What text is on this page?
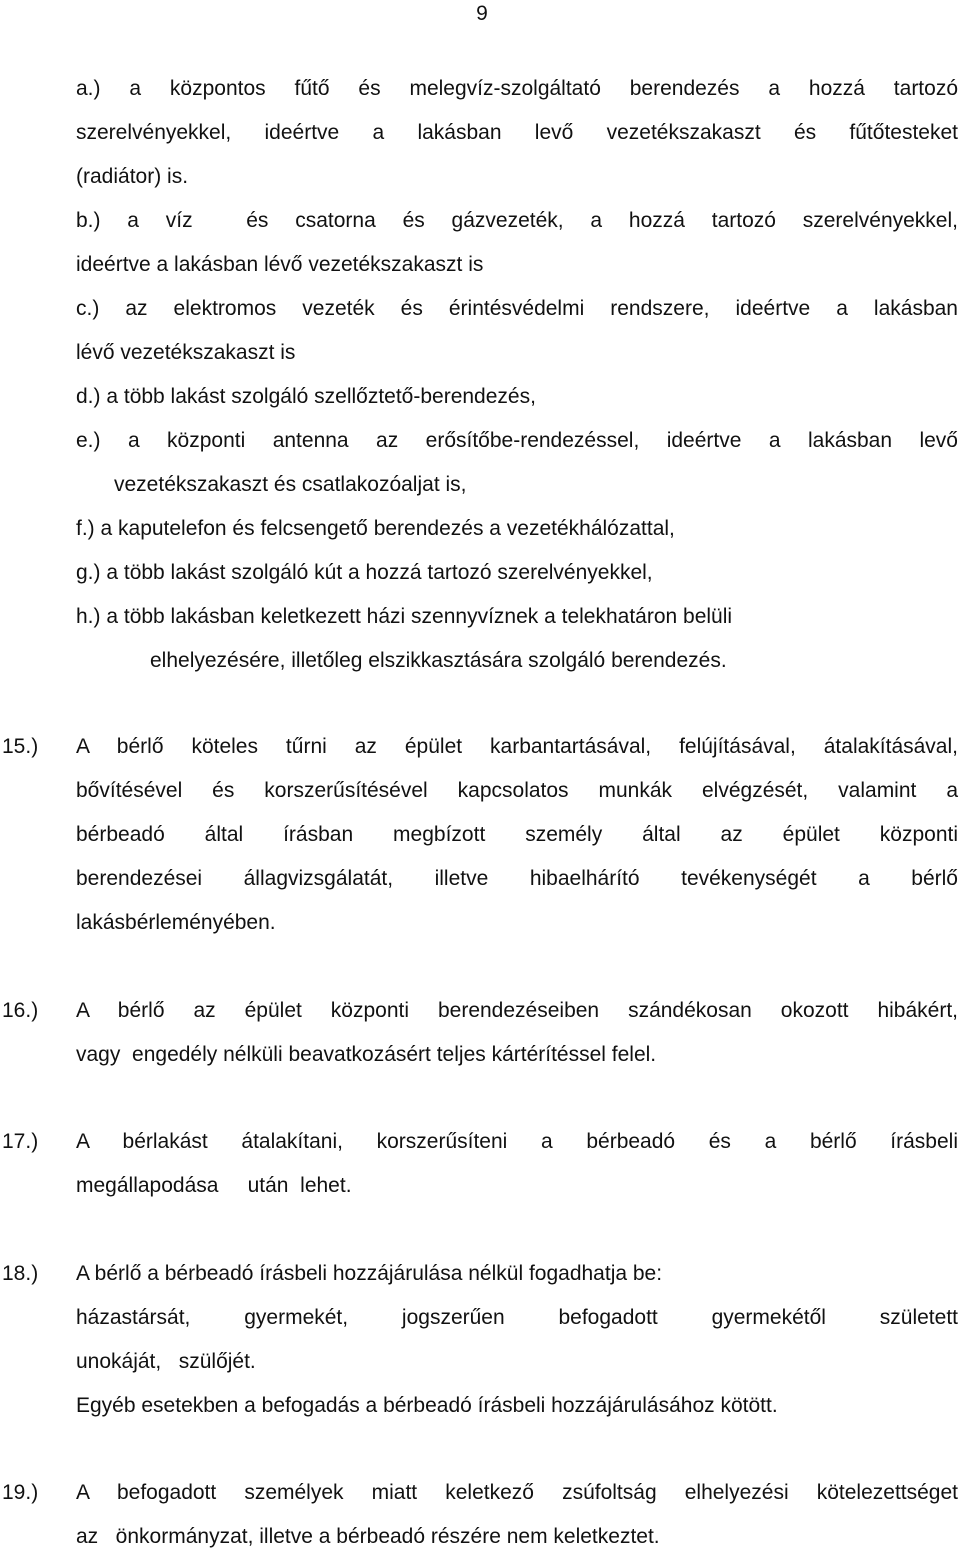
9
a.) a központos fűtő és melegvíz-szolgáltató berendezés a hozzá tartozó
szerelvényekkel, ideértve a lakásban levő vezetékszakaszt és fűtőtesteket
(radiátor) is.
b.) a víz  és csatorna és gázvezeték, a hozzá tartozó szerelvényekkel,
ideértve a lakásban lévő vezetékszakaszt is
c.) az elektromos vezeték és érintésvédelmi rendszere, ideértve a lakásban
lévő vezetékszakaszt is
d.) a több lakást szolgáló szellőztető-berendezés,
e.) a központi antenna az erősítőbe-rendezéssel, ideértve a lakásban levő
vezetékszakaszt és csatlakozóaljat is,
f.) a kaputelefon és felcsengető berendezés a vezetékhálózattal,
g.) a több lakást szolgáló kút a hozzá tartozó szerelvényekkel,
h.) a több lakásban keletkezett házi szennyvíznek a telekhatáron belüli
elhelyezésére, illetőleg elszikkasztására szolgáló berendezés.
15.) A bérlő köteles tűrni az épület karbantartásával, felújításával, átalakításával,
bővítésével és korszerűsítésével kapcsolatos munkák elvégzését, valamint a
bérbeadó által írásban megbízott személy által az épület központi
berendezései állagvizsgálatát, illetve hibaelhárító tevékenységét a bérlő
lakásbérleményében.
16.) A bérlő az épület központi berendezéseiben szándékosan okozott hibákért,
vagy  engedély nélküli beavatkozásért teljes kártérítéssel felel.
17.) A bérlakást átalakítani, korszerűsíteni a bérbeadó és a bérlő írásbeli
megállapodása     után  lehet.
18.) A bérlő a bérbeadó írásbeli hozzájárulása nélkül fogadhatja be:
házastársát, gyermekét, jogszerűen befogadott gyermekétől született
unokáját,   szülőjét.
Egyéb esetekben a befogadás a bérbeadó írásbeli hozzájárulásához kötött.
19.) A befogadott személyek miatt keletkező zsúfoltság elhelyezési kötelezettséget
az   önkormányzat, illetve a bérbeadó részére nem keletkeztet.
